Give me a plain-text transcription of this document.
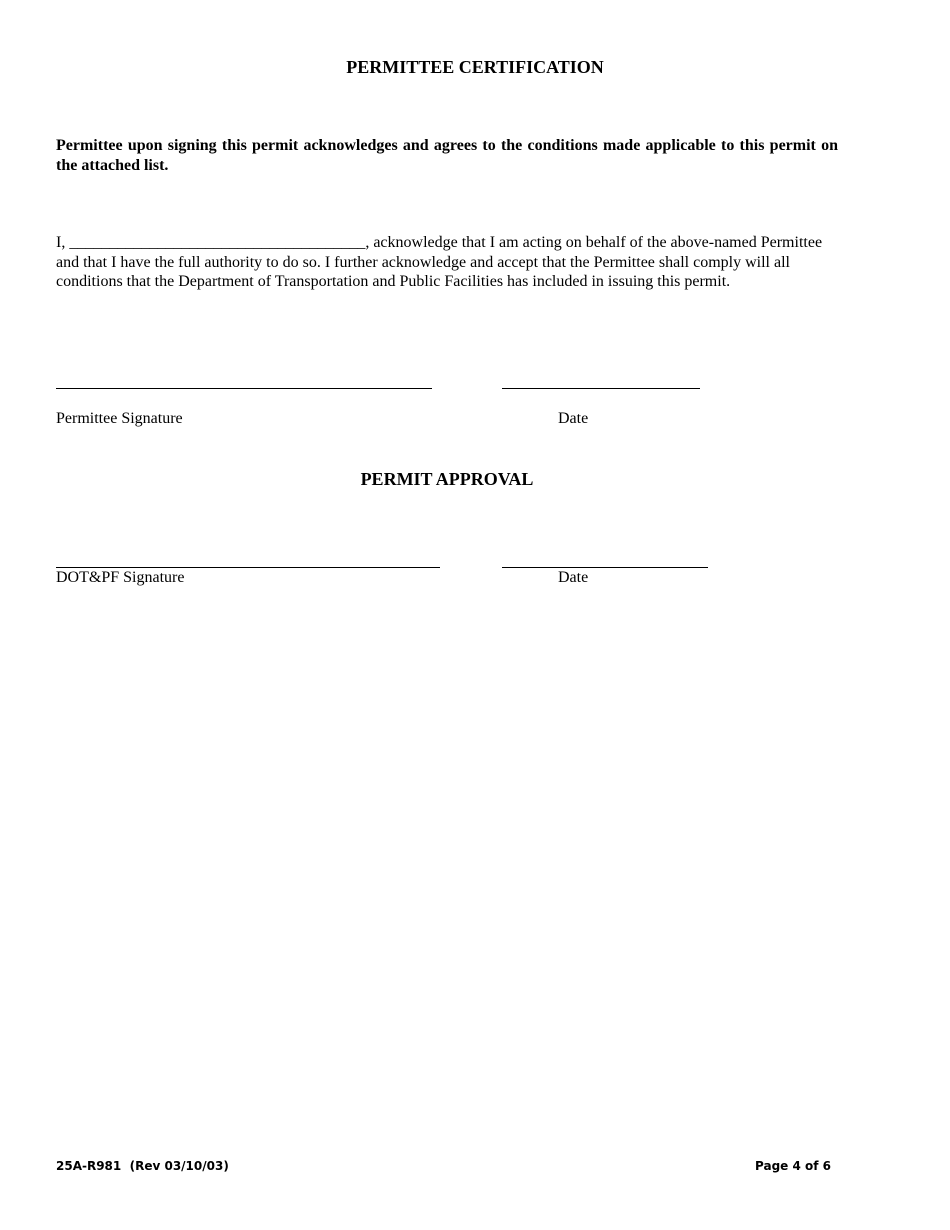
PERMITTEE CERTIFICATION
Permittee upon signing this permit acknowledges and agrees to the conditions made applicable to this permit on the attached list.
I, _____________________________________, acknowledge that I am acting on behalf of the above-named Permittee and that I have the full authority to do so. I further acknowledge and accept that the Permittee shall comply will all conditions that the Department of Transportation and Public Facilities has included in issuing this permit.
Permittee Signature	Date
PERMIT APPROVAL
DOT&PF Signature	Date
25A-R981  (Rev 03/10/03)	Page 4 of 6
